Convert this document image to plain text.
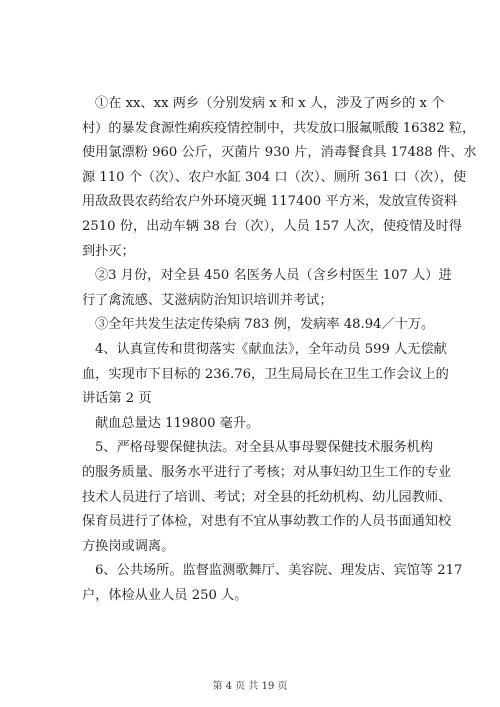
①在 xx、xx 两乡（分别发病 x 和 x 人，涉及了两乡的 x 个
村）的暴发食源性痢疾疫情控制中，共发放口服氟哌酸 16382 粒，
使用氯漂粉 960 公斤，灭菌片 930 片，消毒餐食具 17488 件、水
源 110 个（次）、农户水缸 304 口（次）、厕所 361 口（次），使
用敌敌畏农药给农户外环境灭蝇 117400 平方米，发放宣传资料
2510 份，出动车辆 38 台（次），人员 157 人次，使疫情及时得
到扑灭；
②3 月份，对全县 450 名医务人员（含乡村医生 107 人）进
行了禽流感、艾滋病防治知识培训并考试；
③全年共发生法定传染病 783 例，发病率 48.94／十万。
4、认真宣传和贯彻落实《献血法》，全年动员 599 人无偿献
血，实现市下目标的 236.76，卫生局局长在卫生工作会议上的
讲话第 2 页
献血总量达 119800 毫升。
5、严格母婴保健执法。对全县从事母婴保健技术服务机构
的服务质量、服务水平进行了考核；对从事妇幼卫生工作的专业
技术人员进行了培训、考试；对全县的托幼机构、幼儿园教师、
保育员进行了体检，对患有不宜从事幼教工作的人员书面通知校
方换岗或调离。
6、公共场所。监督监测歌舞厅、美容院、理发店、宾馆等 217
户，体检从业人员 250 人。
第 4 页 共 19 页
